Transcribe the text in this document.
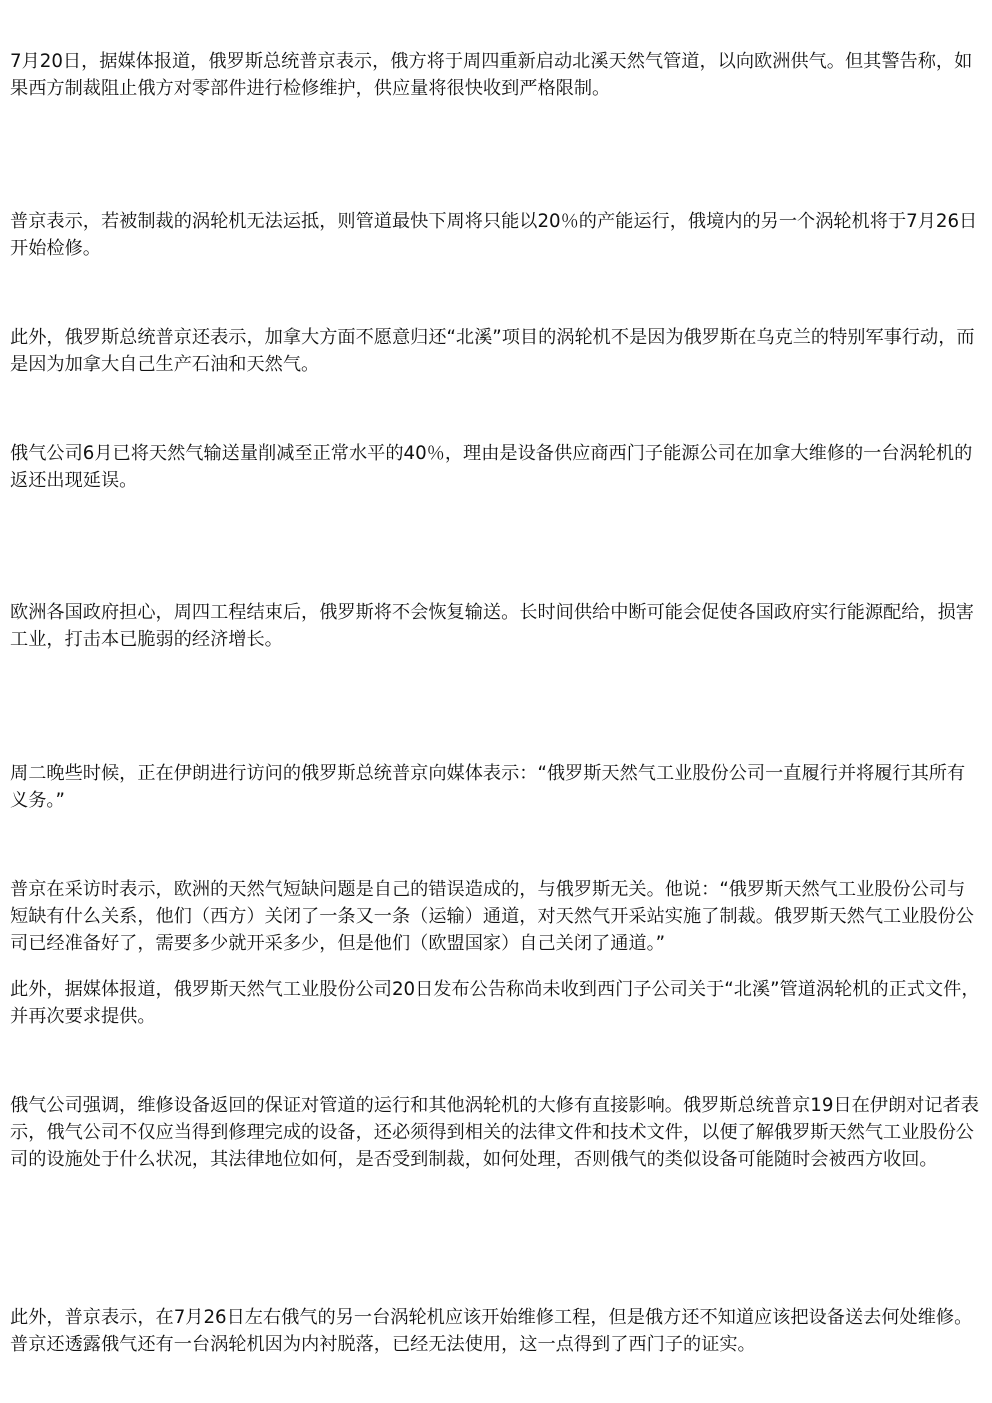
7月20日，据媒体报道，俄罗斯总统普京表示，俄方将于周四重新启动北溪天然气管道，以向欧洲供气。但其警告称，如果西方制裁阻止俄方对零部件进行检修维护，供应量将很快收到严格限制。

普京表示，若被制裁的涡轮机无法运抵，则管道最快下周将只能以20％的产能运行，俄境内的另一个涡轮机将于7月26日开始检修。

此外，俄罗斯总统普京还表示，加拿大方面不愿意归还“北溪”项目的涡轮机不是因为俄罗斯在乌克兰的特别军事行动，而是因为加拿大自己生产石油和天然气。

俄气公司6月已将天然气输送量削减至正常水平的40％，理由是设备供应商西门子能源公司在加拿大维修的一台涡轮机的返还出现延误。

欧洲各国政府担心，周四工程结束后，俄罗斯将不会恢复输送。长时间供给中断可能会促使各国政府实行能源配给，损害工业，打击本已脆弱的经济增长。

周二晚些时候，正在伊朗进行访问的俄罗斯总统普京向媒体表示：“俄罗斯天然气工业股份公司一直履行并将履行其所有义务。”

普京在采访时表示，欧洲的天然气短缺问题是自己的错误造成的，与俄罗斯无关。他说：“俄罗斯天然气工业股份公司与短缺有什么关系，他们（西方）关闭了一条又一条（运输）通道，对天然气开采站实施了制裁。俄罗斯天然气工业股份公司已经准备好了，需要多少就开采多少，但是他们（欧盟国家）自己关闭了通道。”

此外，据媒体报道，俄罗斯天然气工业股份公司20日发布公告称尚未收到西门子公司关于“北溪”管道涡轮机的正式文件，并再次要求提供。

俄气公司强调，维修设备返回的保证对管道的运行和其他涡轮机的大修有直接影响。俄罗斯总统普京19日在伊朗对记者表示，俄气公司不仅应当得到修理完成的设备，还必须得到相关的法律文件和技术文件，以便了解俄罗斯天然气工业股份公司的设施处于什么状况，其法律地位如何，是否受到制裁，如何处理，否则俄气的类似设备可能随时会被西方收回。

此外，普京表示，在7月26日左右俄气的另一台涡轮机应该开始维修工程，但是俄方还不知道应该把设备送去何处维修。普京还透露俄气还有一台涡轮机因为内衬脱落，已经无法使用，这一点得到了西门子的证实。
